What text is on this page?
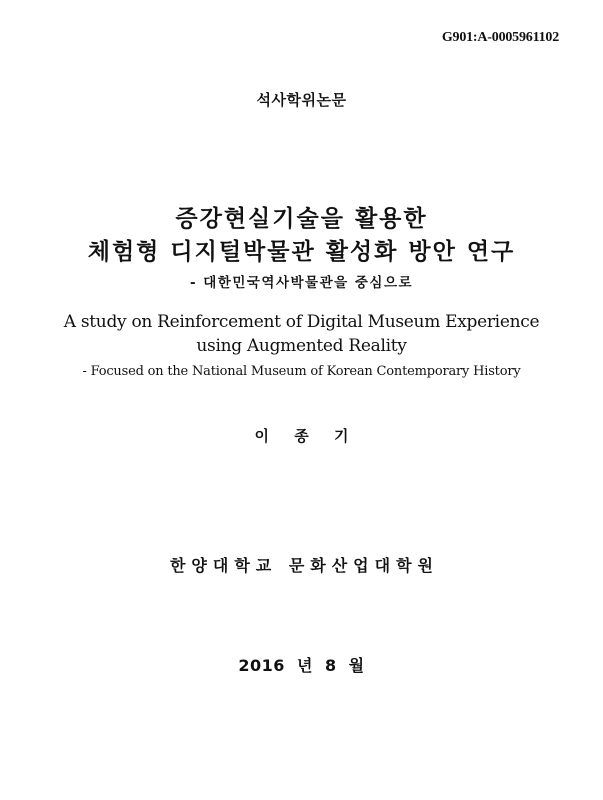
G901:A-0005961102
석사학위논문
증강현실기술을 활용한
체험형 디지털박물관 활성화 방안 연구
- 대한민국역사박물관을 중심으로
A study on Reinforcement of Digital Museum Experience
using Augmented Reality
- Focused on the National Museum of Korean Contemporary History
이 종 기
한양대학교 문화산업대학원
2016 년 8 월
